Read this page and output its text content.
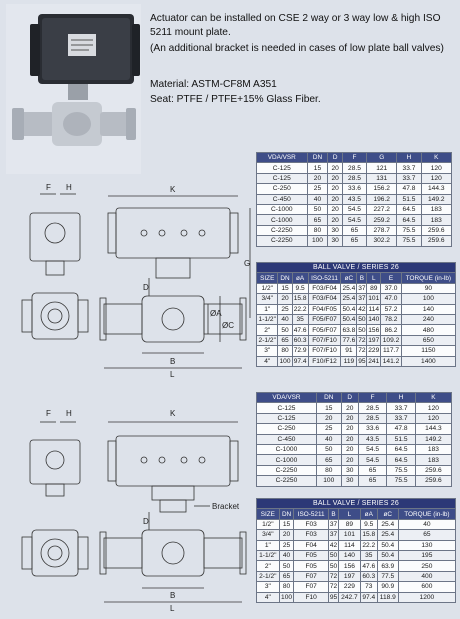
Actuator can be installed on CSE 2 way or 3 way low & high ISO
5211 mount plate.
(An additional bracket is needed in cases of low plate ball valves)
Material: ASTM-CF8M A351
Seat: PTFE / PTFE+15% Glass Fiber.
F H	K
G
D
B
L
ØA
ØC
F H	K
Bracket
D
B
L
VDA/VSR	DN	D	F	G	H	K
C-125	15	20	28.5	121	33.7	120
C-125	20	20	28.5	131	33.7	120
C-250	25	20	33.6	156.2	47.8	144.3
C-450	40	20	43.5	196.2	51.5	149.2
C-1000	50	20	54.5	227.2	64.5	183
C-1000	65	20	54.5	259.2	64.5	183
C-2250	80	30	65	278.7	75.5	259.6
C-2250	100	30	65	302.2	75.5	259.6
BALL VALVE / SERIES 26								
SIZE	DN	øA	ISO-5211	øC	B	L	E	TORQUE (in-lb)
1/2"	15	9.5	F03/F04	25.4	37	89	37.0	90
3/4"	20	15.8	F03/F04	25.4	37	101	47.0	100
1"	25	22.2	F04/F05	50.4	42	114	57.2	140
1-1/2"	40	35	F05/F07	50.4	50	140	78.2	240
2"	50	47.6	F05/F07	63.8	50	156	86.2	480
2-1/2"	65	60.3	F07/F10	77.6	72	197	109.2	650
3"	80	72.9	F07/F10	91	72	229	117.7	1150
4"	100	97.4	F10/F12	119	95	241	141.2	1400
VDA/VSR	DN	D	F	H	K
C-125	15	20	28.5	33.7	120
C-125	20	20	28.5	33.7	120
C-250	25	20	33.6	47.8	144.3
C-450	40	20	43.5	51.5	149.2
C-1000	50	20	54.5	64.5	183
C-1000	65	20	54.5	64.5	183
C-2250	80	30	65	75.5	259.6
C-2250	100	30	65	75.5	259.6
BALL VALVE / SERIES 26							
SIZE	DN	ISO-5211	B	L	øA	øC	TORQUE (in-lb)
1/2"	15	F03	37	89	9.5	25.4	40
3/4"	20	F03	37	101	15.8	25.4	65
1"	25	F04	42	114	22.2	50.4	130
1-1/2"	40	F05	50	140	35	50.4	195
2"	50	F05	50	156	47.6	63.9	250
2-1/2"	65	F07	72	197	60.3	77.5	400
3"	80	F07	72	229	73	90.9	600
4"	100	F10	95	242.7	97.4	118.9	1200
